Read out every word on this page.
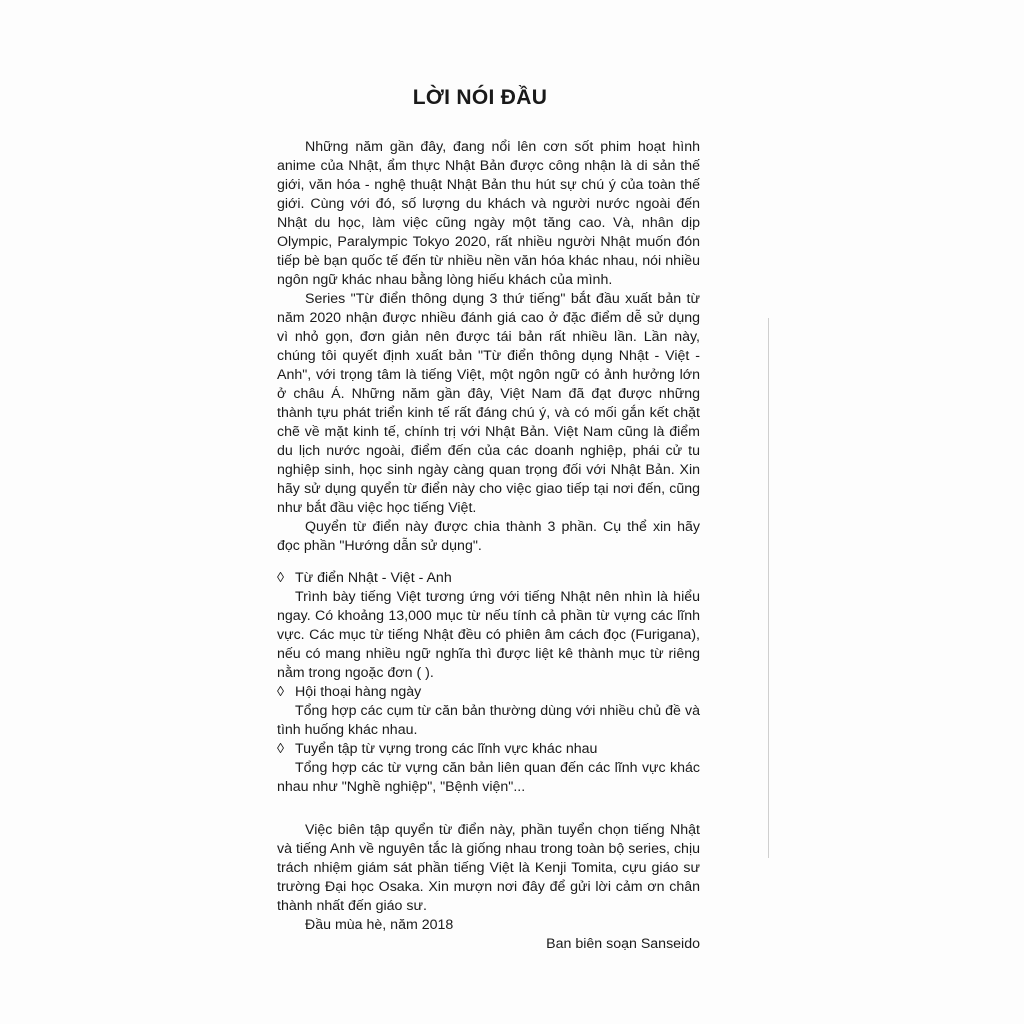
LỜI NÓI ĐẦU

Những năm gần đây, đang nổi lên cơn sốt phim hoạt hình anime của Nhật, ẩm thực Nhật Bản được công nhận là di sản thế giới, văn hóa - nghệ thuật Nhật Bản thu hút sự chú ý của toàn thế giới. Cùng với đó, số lượng du khách và người nước ngoài đến Nhật du học, làm việc cũng ngày một tăng cao. Và, nhân dịp Olympic, Paralympic Tokyo 2020, rất nhiều người Nhật muốn đón tiếp bè bạn quốc tế đến từ nhiều nền văn hóa khác nhau, nói nhiều ngôn ngữ khác nhau bằng lòng hiếu khách của mình.

Series "Từ điển thông dụng 3 thứ tiếng" bắt đầu xuất bản từ năm 2020 nhận được nhiều đánh giá cao ở đặc điểm dễ sử dụng vì nhỏ gọn, đơn giản nên được tái bản rất nhiều lần. Lần này, chúng tôi quyết định xuất bản "Từ điển thông dụng Nhật - Việt - Anh", với trọng tâm là tiếng Việt, một ngôn ngữ có ảnh hưởng lớn ở châu Á. Những năm gần đây, Việt Nam đã đạt được những thành tựu phát triển kinh tế rất đáng chú ý, và có mối gắn kết chặt chẽ về mặt kinh tế, chính trị với Nhật Bản. Việt Nam cũng là điểm du lịch nước ngoài, điểm đến của các doanh nghiệp, phái cử tu nghiệp sinh, học sinh ngày càng quan trọng đối với Nhật Bản. Xin hãy sử dụng quyển từ điển này cho việc giao tiếp tại nơi đến, cũng như bắt đầu việc học tiếng Việt.

Quyển từ điển này được chia thành 3 phần. Cụ thể xin hãy đọc phần "Hướng dẫn sử dụng".

◊ Từ điển Nhật - Việt - Anh

Trình bày tiếng Việt tương ứng với tiếng Nhật nên nhìn là hiểu ngay. Có khoảng 13,000 mục từ nếu tính cả phần từ vựng các lĩnh vực. Các mục từ tiếng Nhật đều có phiên âm cách đọc (Furigana), nếu có mang nhiều ngữ nghĩa thì được liệt kê thành mục từ riêng nằm trong ngoặc đơn ( ).

◊ Hội thoại hàng ngày

Tổng hợp các cụm từ căn bản thường dùng với nhiều chủ đề và tình huống khác nhau.

◊ Tuyển tập từ vựng trong các lĩnh vực khác nhau

Tổng hợp các từ vựng căn bản liên quan đến các lĩnh vực khác nhau như "Nghề nghiệp", "Bệnh viện"...

Việc biên tập quyển từ điển này, phần tuyển chọn tiếng Nhật và tiếng Anh về nguyên tắc là giống nhau trong toàn bộ series, chịu trách nhiệm giám sát phần tiếng Việt là Kenji Tomita, cựu giáo sư trường Đại học Osaka. Xin mượn nơi đây để gửi lời cảm ơn chân thành nhất đến giáo sư.

Đầu mùa hè, năm 2018

Ban biên soạn Sanseido
